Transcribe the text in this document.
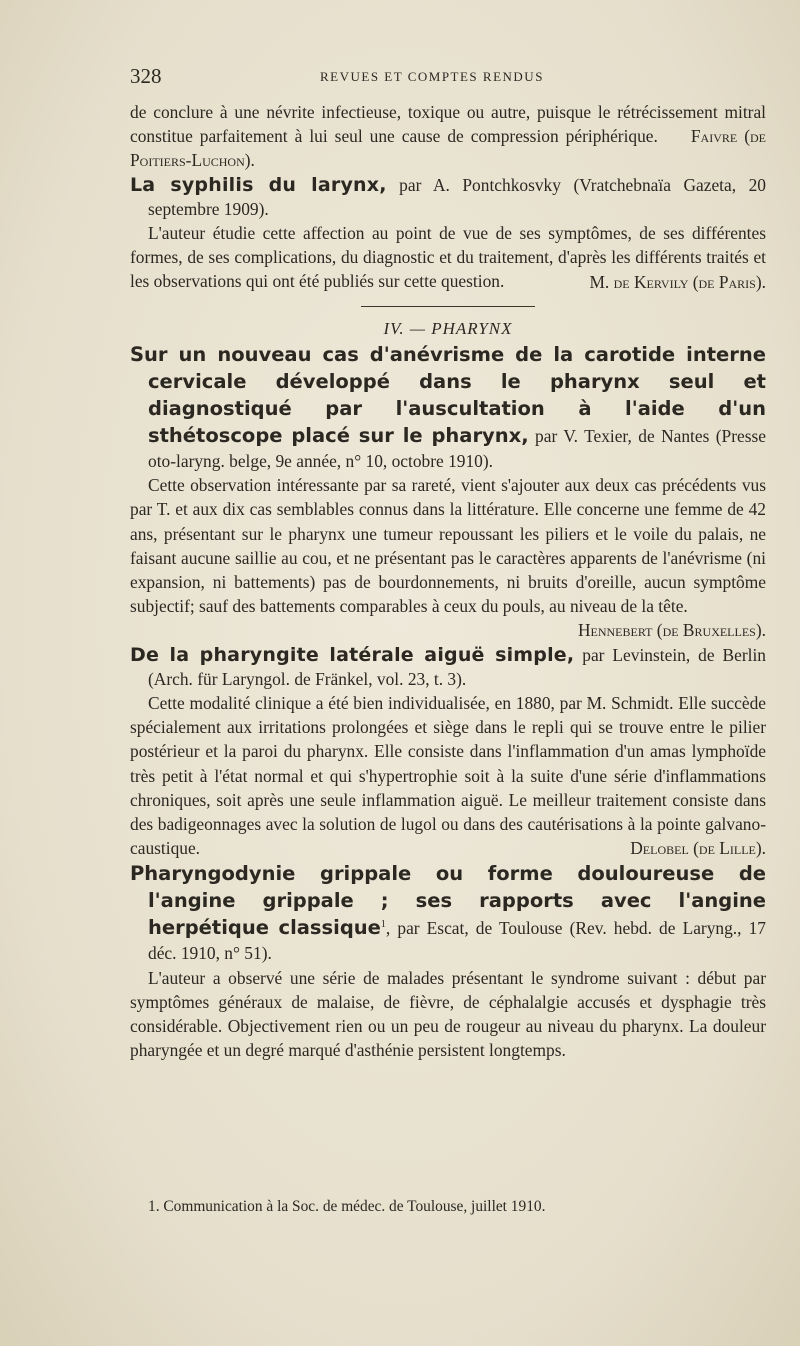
328	REVUES ET COMPTES RENDUS

de conclure à une névrite infectieuse, toxique ou autre, puisque le rétrécissement mitral constitue parfaitement à lui seul une cause de compression périphérique. Faivre (de Poitiers-Luchon).

La syphilis du larynx, par A. Pontchkosvky (Vratchebnaïa Gazeta, 20 septembre 1909).

L'auteur étudie cette affection au point de vue de ses symptômes, de ses différentes formes, de ses complications, du diagnostic et du traitement, d'après les différents traités et les observations qui ont été publiés sur cette question.	M. de Kervily (de Paris).

IV. — PHARYNX

Sur un nouveau cas d'anévrisme de la carotide interne cervicale développé dans le pharynx seul et diagnostiqué par l'auscultation à l'aide d'un sthétoscope placé sur le pharynx, par V. Texier, de Nantes (Presse oto-laryng. belge, 9e année, n° 10, octobre 1910).

Cette observation intéressante par sa rareté, vient s'ajouter aux deux cas précédents vus par T. et aux dix cas semblables connus dans la littérature. Elle concerne une femme de 42 ans, présentant sur le pharynx une tumeur repoussant les piliers et le voile du palais, ne faisant aucune saillie au cou, et ne présentant pas le caractères apparents de l'anévrisme (ni expansion, ni battements) pas de bourdonnements, ni bruits d'oreille, aucun symptôme subjectif; sauf des battements comparables à ceux du pouls, au niveau de la tête.
Hennebert (de Bruxelles).

De la pharyngite latérale aiguë simple, par Levinstein, de Berlin (Arch. für Laryngol. de Fränkel, vol. 23, t. 3).

Cette modalité clinique a été bien individualisée, en 1880, par M. Schmidt. Elle succède spécialement aux irritations prolongées et siège dans le repli qui se trouve entre le pilier postérieur et la paroi du pharynx. Elle consiste dans l'inflammation d'un amas lymphoïde très petit à l'état normal et qui s'hypertrophie soit à la suite d'une série d'inflammations chroniques, soit après une seule inflammation aiguë. Le meilleur traitement consiste dans des badigeonnages avec la solution de lugol ou dans des cautérisations à la pointe galvano-caustique.	Delobel (de Lille).

Pharyngodynie grippale ou forme douloureuse de l'angine grippale ; ses rapports avec l'angine herpétique classique$^1$, par Escat, de Toulouse (Rev. hebd. de Laryng., 17 déc. 1910, n° 51).

L'auteur a observé une série de malades présentant le syndrome suivant : début par symptômes généraux de malaise, de fièvre, de céphalalgie accusés et dysphagie très considérable. Objectivement rien ou un peu de rougeur au niveau du pharynx. La douleur pharyngée et un degré marqué d'asthénie persistent longtemps.

1. Communication à la Soc. de médec. de Toulouse, juillet 1910.
